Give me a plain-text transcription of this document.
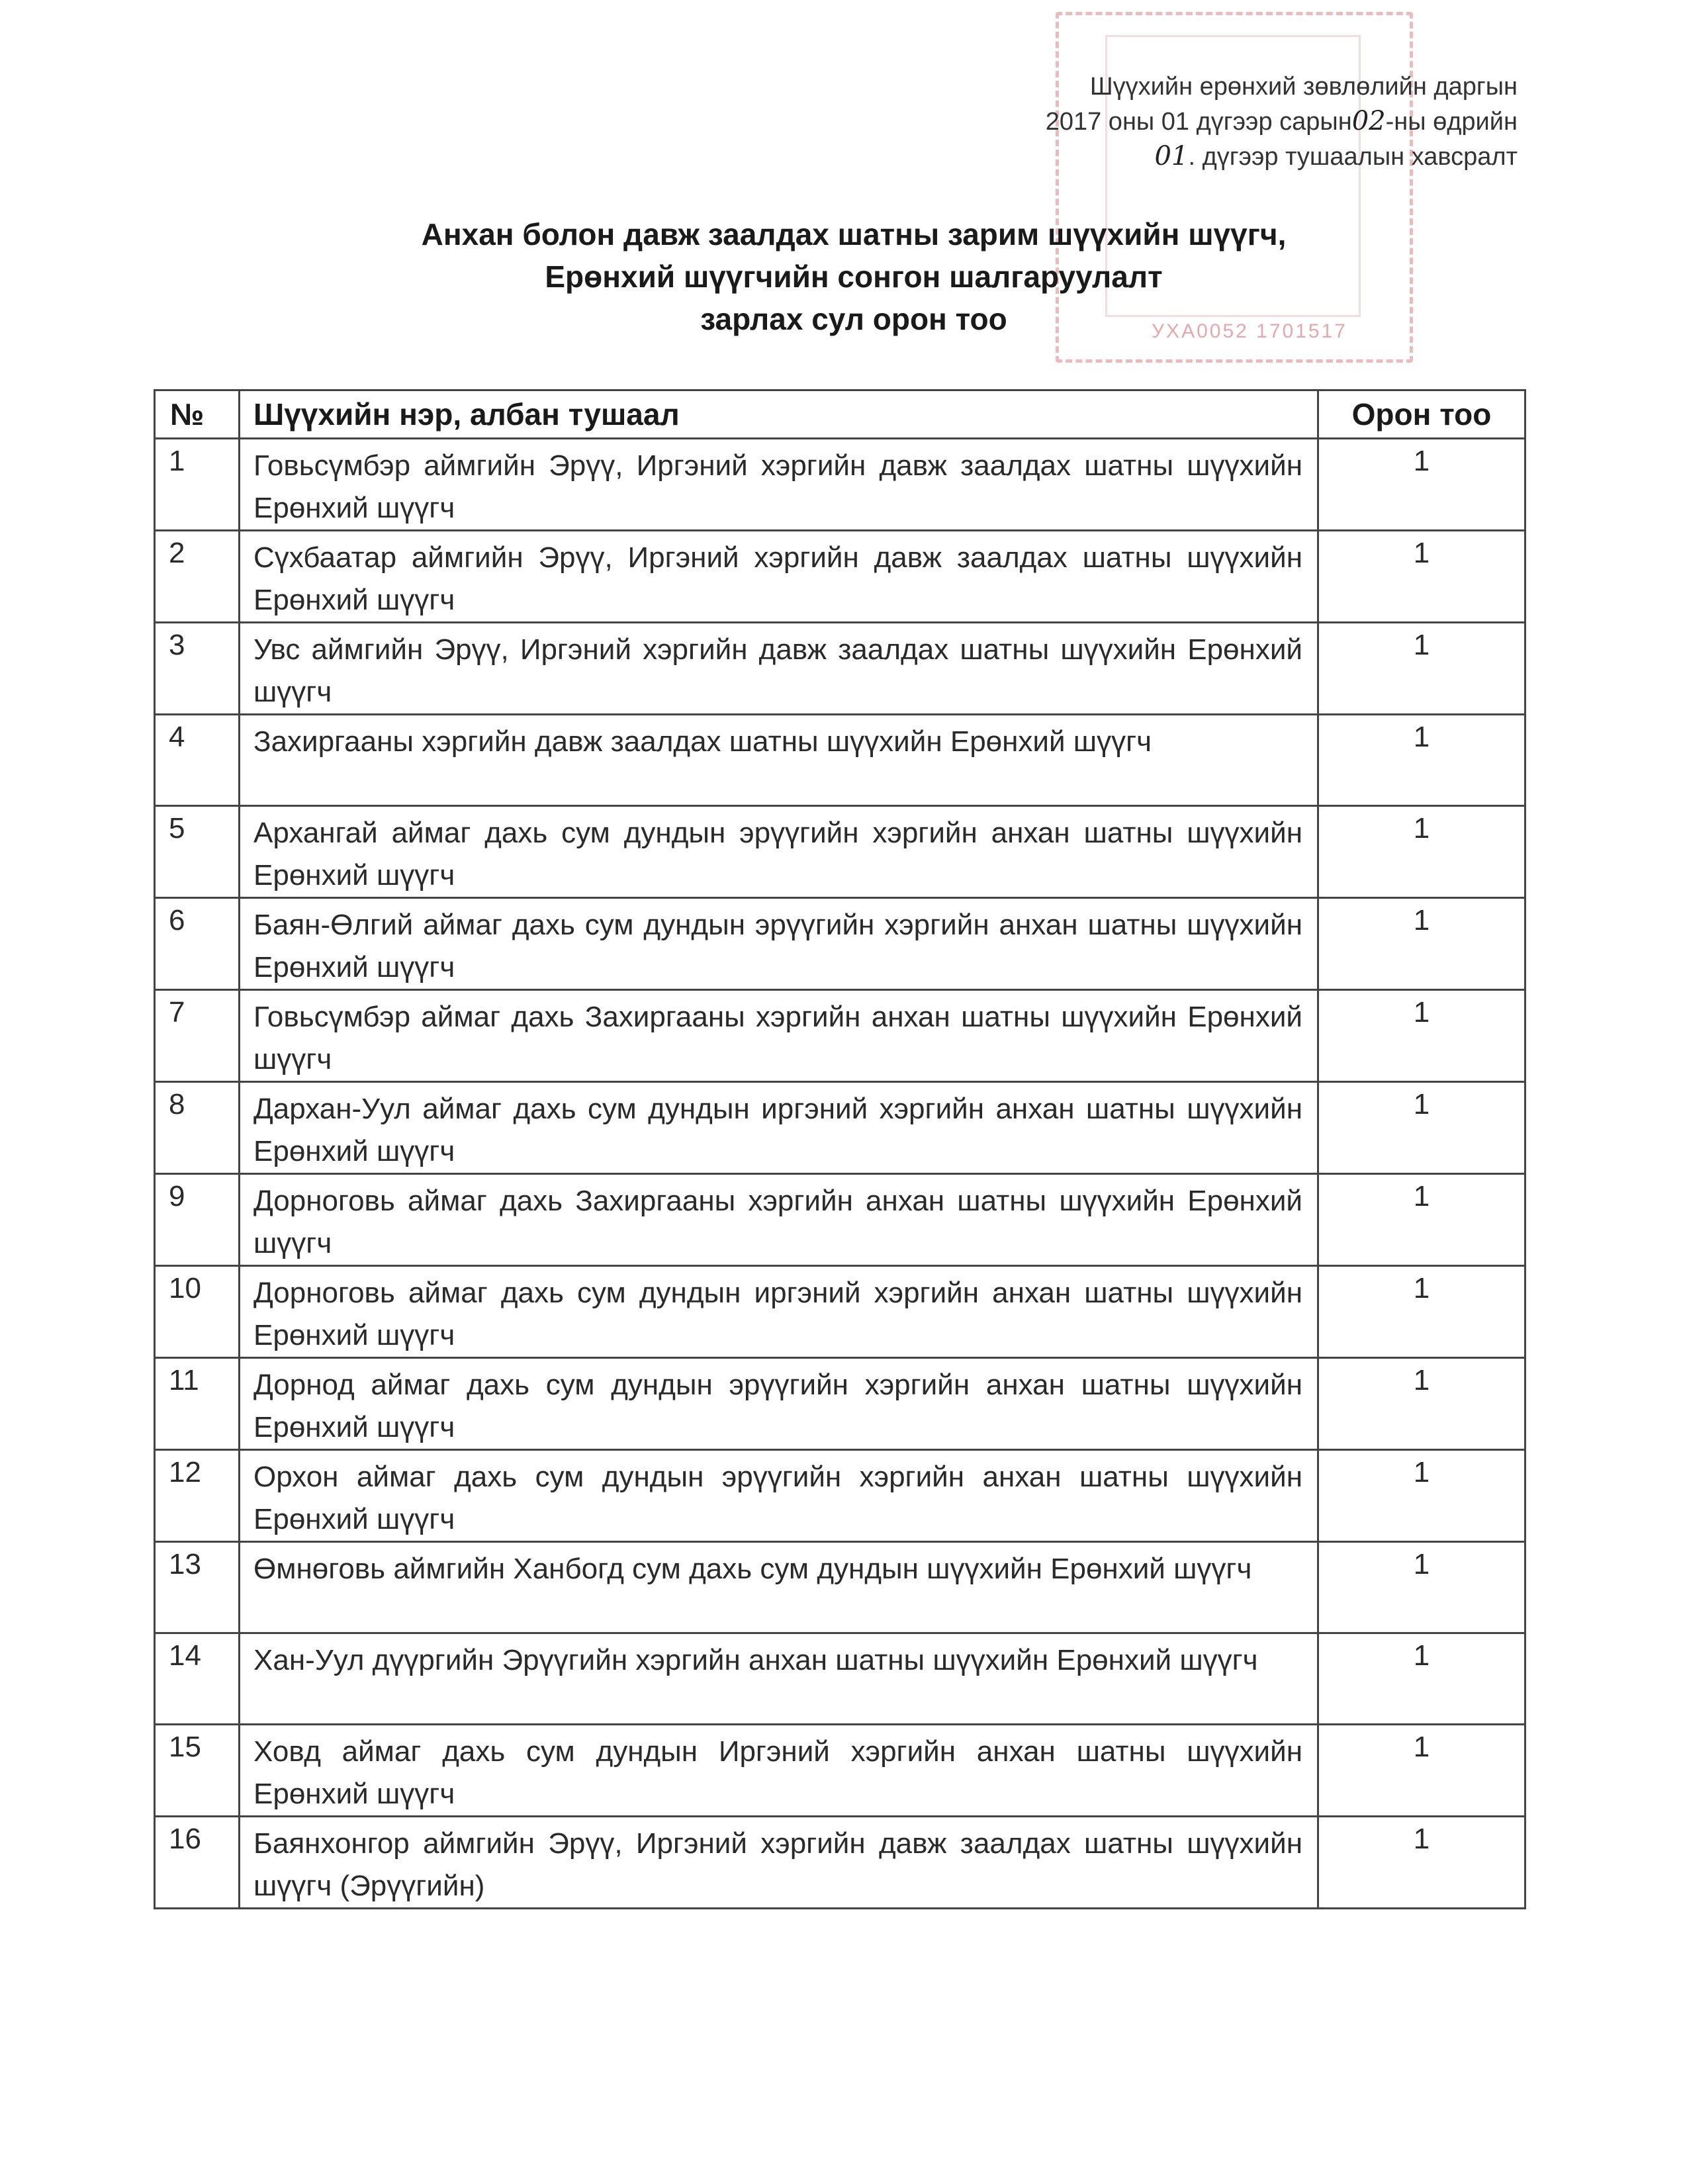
УХА0052 1701517
Шүүхийн ерөнхий зөвлөлийн даргын
2017 оны 01 дүгээр сарын02-ны өдрийн
01. дүгээр тушаалын хавсралт
Анхан болон давж заалдах шатны зарим шүүхийн шүүгч,
Ерөнхий шүүгчийн сонгон шалгаруулалт
зарлах сул орон тоо
№	Шүүхийн нэр, албан тушаал	Орон тоо
1	Говьсүмбэр аймгийн Эрүү, Иргэний хэргийн давж заалдах шатны шүүхийн Ерөнхий шүүгч	1
2	Сүхбаатар аймгийн Эрүү, Иргэний хэргийн давж заалдах шатны шүүхийн Ерөнхий шүүгч	1
3	Увс аймгийн Эрүү, Иргэний хэргийн давж заалдах шатны шүүхийн Ерөнхий шүүгч	1
4	Захиргааны хэргийн давж заалдах шатны шүүхийн Ерөнхий шүүгч	1
5	Архангай аймаг дахь сум дундын эрүүгийн хэргийн анхан шатны шүүхийн Ерөнхий шүүгч	1
6	Баян-Өлгий аймаг дахь сум дундын эрүүгийн хэргийн анхан шатны шүүхийн Ерөнхий шүүгч	1
7	Говьсүмбэр аймаг дахь Захиргааны хэргийн анхан шатны шүүхийн Ерөнхий шүүгч	1
8	Дархан-Уул аймаг дахь сум дундын иргэний хэргийн анхан шатны шүүхийн Ерөнхий шүүгч	1
9	Дорноговь аймаг дахь Захиргааны хэргийн анхан шатны шүүхийн Ерөнхий шүүгч	1
10	Дорноговь аймаг дахь сум дундын иргэний хэргийн анхан шатны шүүхийн Ерөнхий шүүгч	1
11	Дорнод аймаг дахь сум дундын эрүүгийн хэргийн анхан шатны шүүхийн Ерөнхий шүүгч	1
12	Орхон аймаг дахь сум дундын эрүүгийн хэргийн анхан шатны шүүхийн Ерөнхий шүүгч	1
13	Өмнөговь аймгийн Ханбогд сум дахь сум дундын шүүхийн Ерөнхий шүүгч	1
14	Хан-Уул дүүргийн Эрүүгийн хэргийн анхан шатны шүүхийн Ерөнхий шүүгч	1
15	Ховд аймаг дахь сум дундын Иргэний хэргийн анхан шатны шүүхийн Ерөнхий шүүгч	1
16	Баянхонгор аймгийн Эрүү, Иргэний хэргийн давж заалдах шатны шүүхийн шүүгч (Эрүүгийн)	1
